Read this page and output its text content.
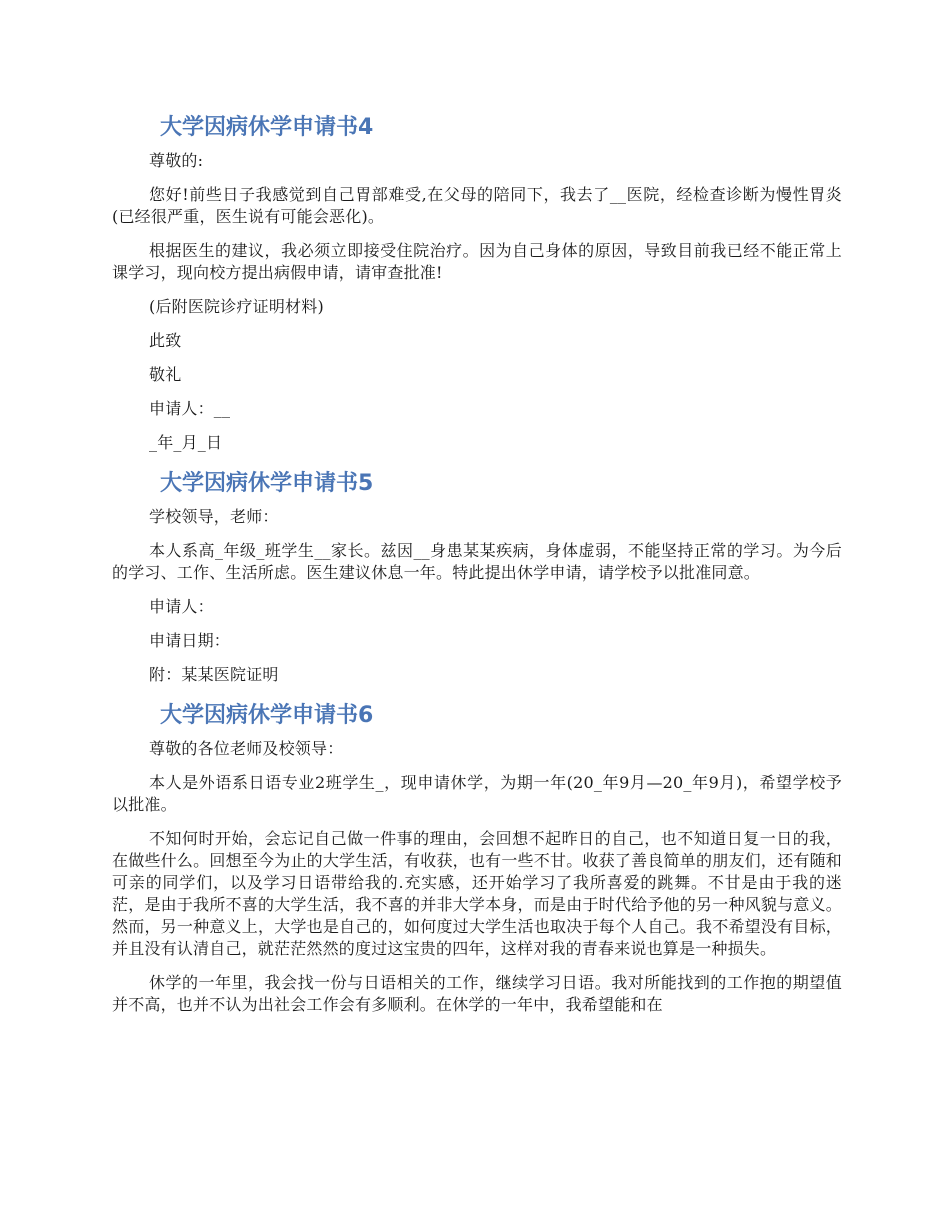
大学因病休学申请书4

尊敬的:

您好!前些日子我感觉到自己胃部难受,在父母的陪同下，我去了__医院，经检查诊断为慢性胃炎(已经很严重，医生说有可能会恶化)。

根据医生的建议，我必须立即接受住院治疗。因为自己身体的原因，导致目前我已经不能正常上课学习，现向校方提出病假申请，请审查批准!

(后附医院诊疗证明材料)

此致

敬礼

申请人：__

_年_月_日

大学因病休学申请书5

学校领导，老师：

本人系高_年级_班学生__家长。兹因__身患某某疾病，身体虚弱，不能坚持正常的学习。为今后的学习、工作、生活所虑。医生建议休息一年。特此提出休学申请，请学校予以批准同意。

申请人：

申请日期：

附：某某医院证明

大学因病休学申请书6

尊敬的各位老师及校领导：

本人是外语系日语专业2班学生_，现申请休学，为期一年(20_年9月—20_年9月)，希望学校予以批准。

不知何时开始，会忘记自己做一件事的理由，会回想不起昨日的自己，也不知道日复一日的我，在做些什么。回想至今为止的大学生活，有收获，也有一些不甘。收获了善良简单的朋友们，还有随和可亲的同学们，以及学习日语带给我的.充实感，还开始学习了我所喜爱的跳舞。不甘是由于我的迷茫，是由于我所不喜的大学生活，我不喜的并非大学本身，而是由于时代给予他的另一种风貌与意义。然而，另一种意义上，大学也是自己的，如何度过大学生活也取决于每个人自己。我不希望没有目标，并且没有认清自己，就茫茫然然的度过这宝贵的四年，这样对我的青春来说也算是一种损失。

休学的一年里，我会找一份与日语相关的工作，继续学习日语。我对所能找到的工作抱的期望值并不高，也并不认为出社会工作会有多顺利。在休学的一年中，我希望能和在
